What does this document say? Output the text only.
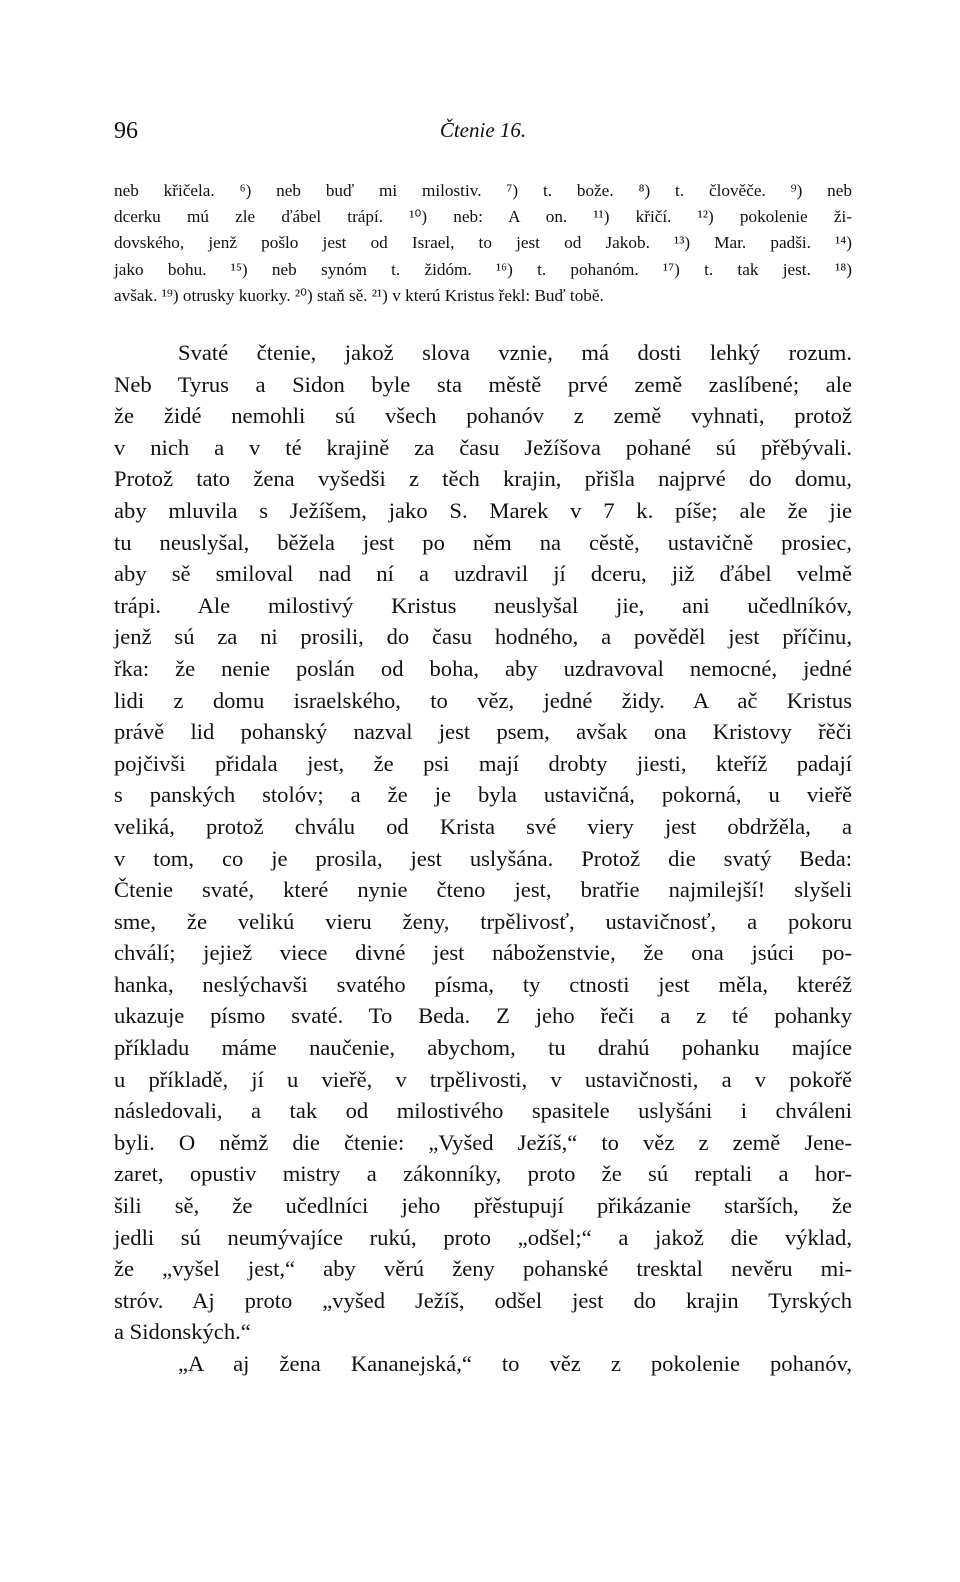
96	Čtenie 16.
neb křičela. ⁶) neb buď mi milostiv. ⁷) t. bože. ⁸) t. člověče. ⁹) neb
dcerku mú zle ďábel trápí. ¹⁰) neb: A on. ¹¹) křičí. ¹²) pokolenie ži-
dovského, jenž pošlo jest od Israel, to jest od Jakob. ¹³) Mar. padši. ¹⁴)
jako bohu. ¹⁵) neb synóm t. židóm. ¹⁶) t. pohanóm. ¹⁷) t. tak jest. ¹⁸)
avšak. ¹⁹) otrusky kuorky. ²⁰) staň sě. ²¹) v kterú Kristus řekl: Buď tobě.
Svaté čtenie, jakož slova vznie, má dosti lehký rozum.
Neb Tyrus a Sidon byle sta městě prvé země zaslíbené; ale
že židé nemohli sú všech pohanóv z země vyhnati, protož
v nich a v té krajině za času Ježíšova pohané sú přěbývali.
Protož tato žena vyšedši z těch krajin, přišla najprvé do domu,
aby mluvila s Ježíšem, jako S. Marek v 7 k. píše; ale že jie
tu neuslyšal, běžela jest po něm na cěstě, ustavičně prosiec,
aby sě smiloval nad ní a uzdravil jí dceru, již ďábel velmě
trápi. Ale milostivý Kristus neuslyšal jie, ani učedlníkóv,
jenž sú za ni prosili, do času hodného, a pověděl jest příčinu,
řka: že nenie poslán od boha, aby uzdravoval nemocné, jedné
lidi z domu israelského, to věz, jedné židy. A ač Kristus
právě lid pohanský nazval jest psem, avšak ona Kristovy řěči
pojčivši přidala jest, že psi mají drobty jiesti, kteříž padají
s panských stolóv; a že je byla ustavičná, pokorná, u vieřě
veliká, protož chválu od Krista své viery jest obdržěla, a
v tom, co je prosila, jest uslyšána. Protož die svatý Beda:
Čtenie svaté, které nynie čteno jest, bratřie najmilejší! slyšeli
sme, že velikú vieru ženy, trpělivosť, ustavičnosť, a pokoru
chválí; jejiež viece divné jest náboženstvie, že ona jsúci po-
hanka, neslýchavši svatého písma, ty ctnosti jest měla, kteréž
ukazuje písmo svaté. To Beda. Z jeho řeči a z té pohanky
příkladu máme naučenie, abychom, tu drahú pohanku majíce
u příkladě, jí u vieřě, v trpělivosti, v ustavičnosti, a v pokořě
následovali, a tak od milostivého spasitele uslyšáni i chváleni
byli. O němž die čtenie: „Vyšed Ježíš,“ to věz z země Jene-
zaret, opustiv mistry a zákonníky, proto že sú reptali a hor-
šili sě, že učedlníci jeho přěstupují přikázanie starších, že
jedli sú neumývajíce rukú, proto „odšel;“ a jakož die výklad,
že „vyšel jest,“ aby věrú ženy pohanské tresktal nevěru mi-
stróv. Aj proto „vyšed Ježíš, odšel jest do krajin Tyrských
a Sidonských.“
„A aj žena Kananejská,“ to věz z pokolenie pohanóv,
